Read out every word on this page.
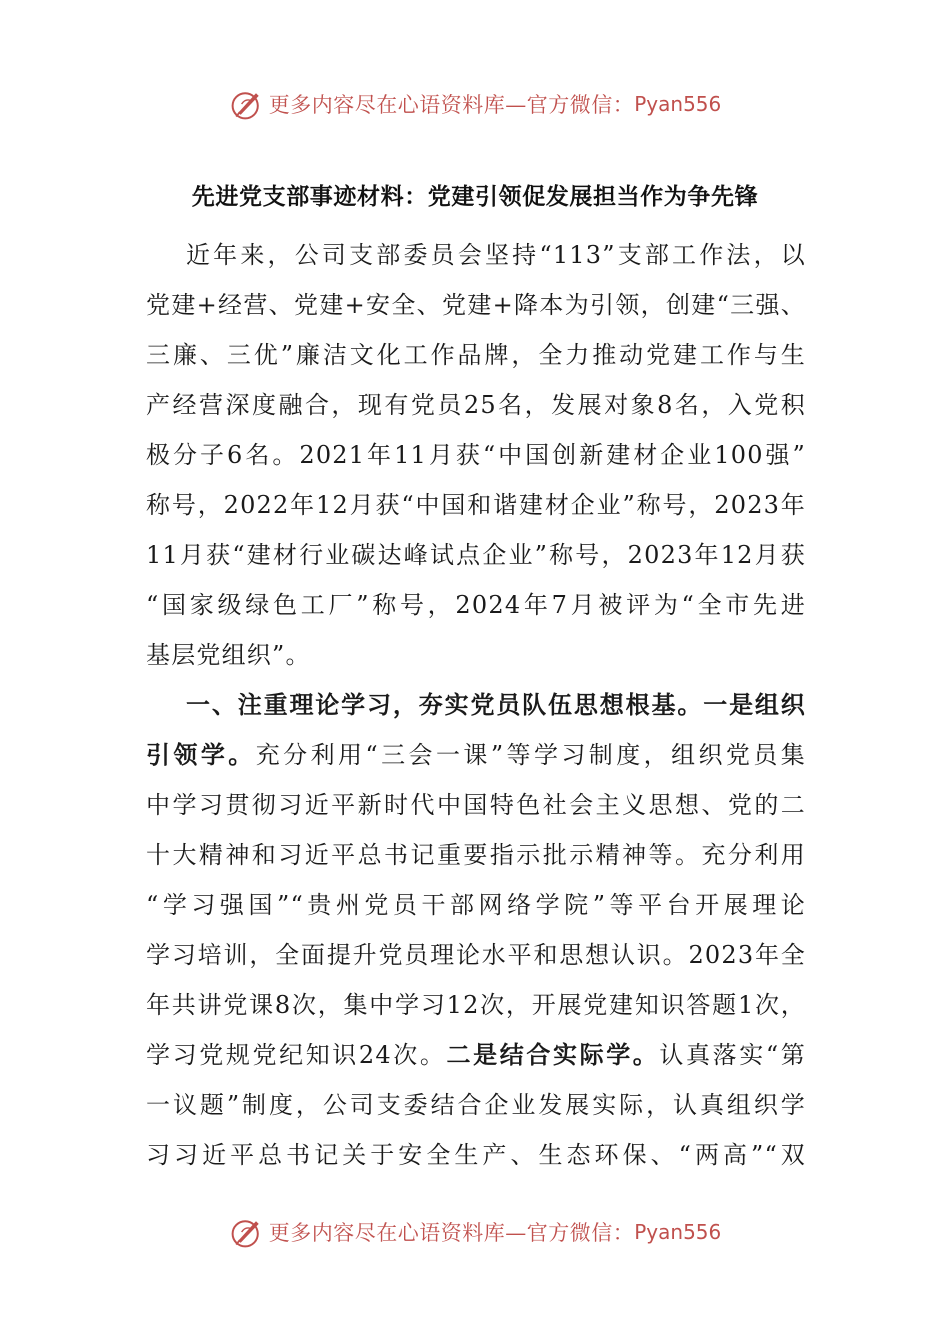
更多内容尽在心语资料库—官方微信： Pyan556
先进党支部事迹材料：党建引领促发展担当作为争先锋
近年来，公司支部委员会坚持“113”支部工作法，以
党建+经营、党建+安全、党建+降本为引领，创建“三强、
三廉、三优”廉洁文化工作品牌，全力推动党建工作与生
产经营深度融合，现有党员25名，发展对象8名，入党积
极分子6名。2021年11月获“中国创新建材企业100强”
称号，2022年12月获“中国和谐建材企业”称号，2023年
11月获“建材行业碳达峰试点企业”称号，2023年12月获
“国家级绿色工厂”称号，2024年7月被评为“全市先进
基层党组织”。
一、注重理论学习，夯实党员队伍思想根基。一是组织
引领学。充分利用“三会一课”等学习制度，组织党员集
中学习贯彻习近平新时代中国特色社会主义思想、党的二
十大精神和习近平总书记重要指示批示精神等。充分利用
“学习强国”“贵州党员干部网络学院”等平台开展理论
学习培训，全面提升党员理论水平和思想认识。2023年全
年共讲党课8次，集中学习12次，开展党建知识答题1次，
学习党规党纪知识24次。二是结合实际学。认真落实“第
一议题”制度，公司支委结合企业发展实际，认真组织学
习习近平总书记关于安全生产、生态环保、“两高”“双
更多内容尽在心语资料库—官方微信： Pyan556
